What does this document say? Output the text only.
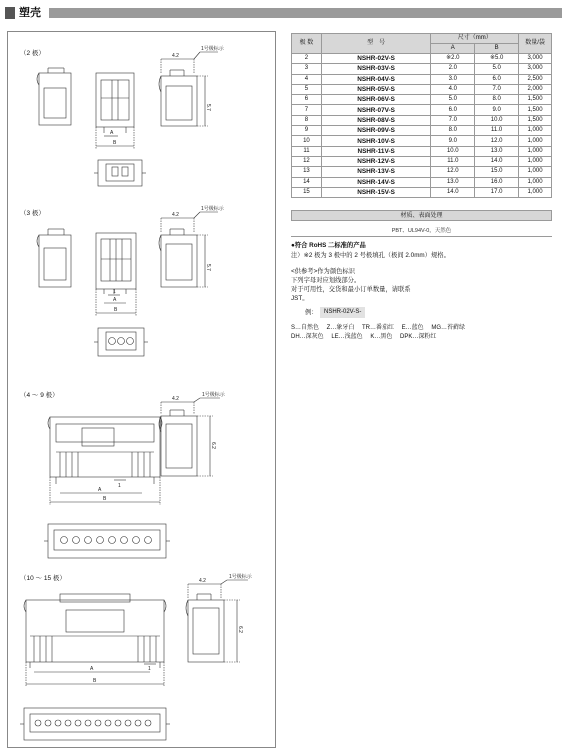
塑壳
（2 极）
（3 极）
（4 ～ 9 极）
（10 ～ 15 极）
4.2
1号极标示
5.7
A
B
4.2
1号极标示
5.7
1
A
B
4.2
1号极标示
6.2
1
A
B
4.2
1号极标示
6.2
1
A
B
极 数	型　号	尺寸（mm）		数量/袋
		A	B	
2	NSHR-02V-S	※2.0	※5.0	3,000
3	NSHR-03V-S	2.0	5.0	3,000
4	NSHR-04V-S	3.0	6.0	2,500
5	NSHR-05V-S	4.0	7.0	2,000
6	NSHR-06V-S	5.0	8.0	1,500
7	NSHR-07V-S	6.0	9.0	1,500
8	NSHR-08V-S	7.0	10.0	1,500
9	NSHR-09V-S	8.0	11.0	1,000
10	NSHR-10V-S	9.0	12.0	1,000
11	NSHR-11V-S	10.0	13.0	1,000
12	NSHR-12V-S	11.0	14.0	1,000
13	NSHR-13V-S	12.0	15.0	1,000
14	NSHR-14V-S	13.0	16.0	1,000
15	NSHR-15V-S	14.0	17.0	1,000
材质、表面处理
PBT、UL94V-0，天然色
●符合 RoHS 二标准的产品
注）※2 极为 3 极中的 2 号极填孔（极间 2.0mm）规格。
<供参考>作为颜色标识
下列字母对应划线部分。
对于可用性，交货和最小订单数量，请联系
JST。
例：	NSHR-02V-S-
S…自然色　 Z…象牙白　 TR…番茄红　 E…蓝色　 MG…苔藓绿
DH…深灰色　 LE…浅蓝色　 K…黑色　 DPK…深粉红
